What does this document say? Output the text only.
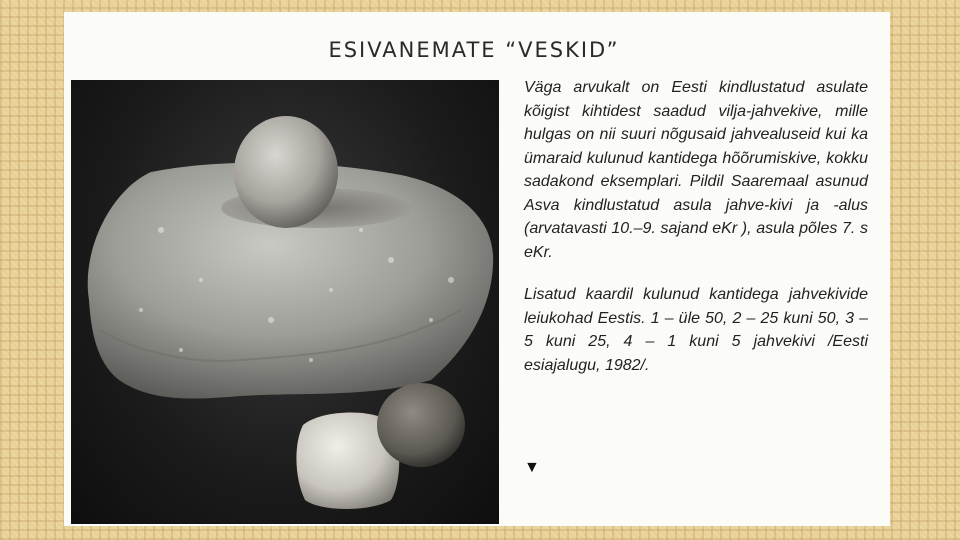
ESIVANEMATE “VESKID”

Väga arvukalt on Eesti kindlustatud asulate kõigist kihtidest saadud vilja-jahvekive, mille hulgas on nii suuri nõgusaid jahvealuseid kui ka ümaraid kulunud kantidega hõõrumiskive, kokku sadakond eksemplari. Pildil Saaremaal asunud Asva kindlustatud asula jahve-kivi ja -alus (arvatavasti 10.–9. sajand eKr ), asula põles 7. s eKr.

Lisatud kaardil kulunud kantidega jahvekivide leiukohad Eestis. 1 – üle 50, 2 – 25 kuni 50, 3 – 5 kuni 25, 4 – 1 kuni 5 jahvekivi /Eesti esiajalugu, 1982/.

▼
